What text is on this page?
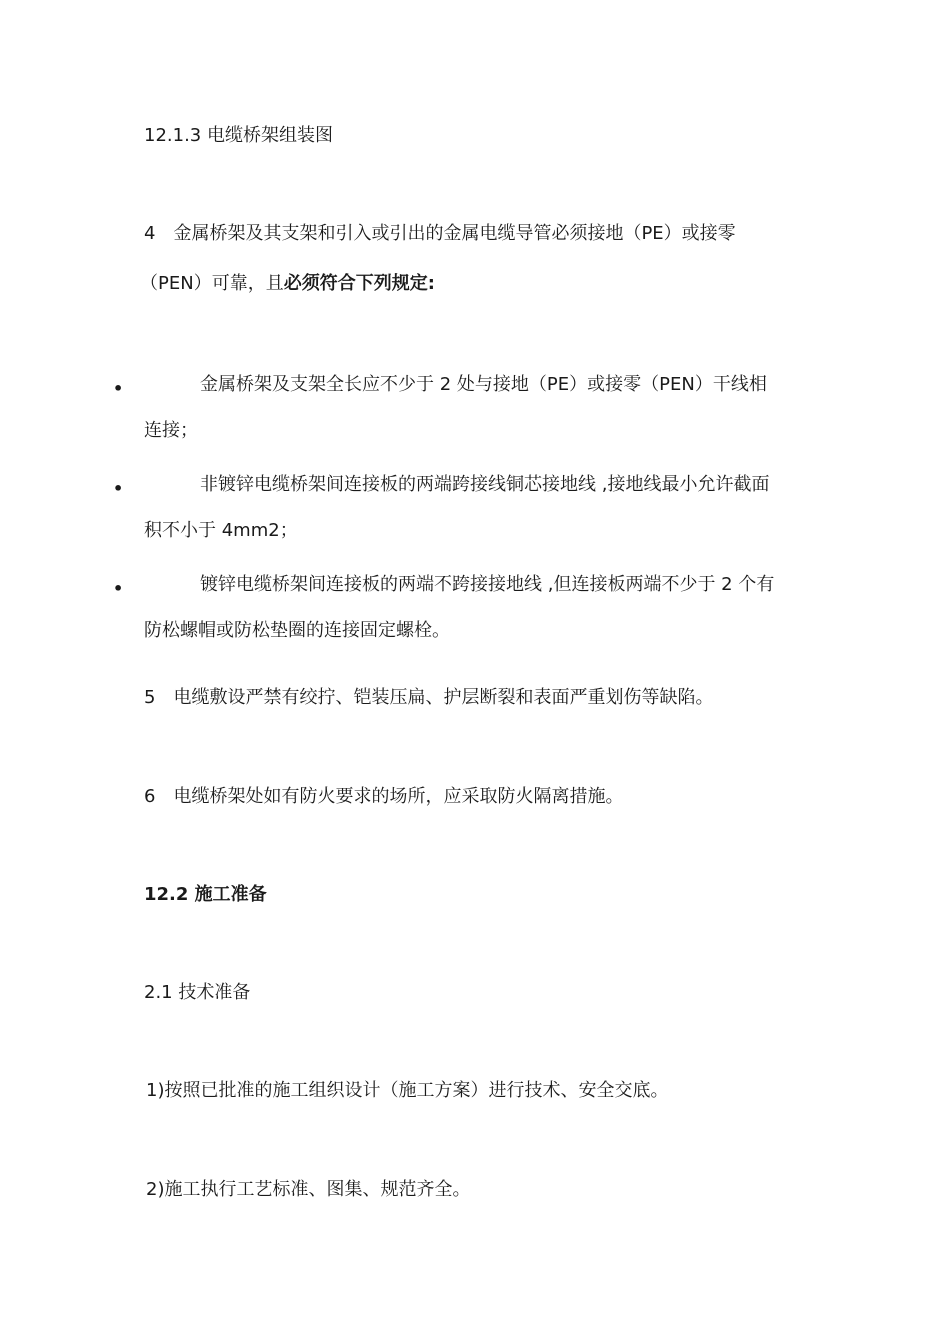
12.1.3 电缆桥架组装图
4　金属桥架及其支架和引入或引出的金属电缆导管必须接地（PE）或接零
（PEN）可靠，且必须符合下列规定:
•	金属桥架及支架全长应不少于 2 处与接地（PE）或接零（PEN）干线相
连接；
•	非镀锌电缆桥架间连接板的两端跨接线铜芯接地线 ,接地线最小允许截面
积不小于 4mm2；
•	镀锌电缆桥架间连接板的两端不跨接接地线 ,但连接板两端不少于 2 个有
防松螺帽或防松垫圈的连接固定螺栓。
5　电缆敷设严禁有绞拧、铠装压扁、护层断裂和表面严重划伤等缺陷。
6　电缆桥架处如有防火要求的场所，应采取防火隔离措施。
12.2 施工准备
2.1 技术准备
1)按照已批准的施工组织设计（施工方案）进行技术、安全交底。
2)施工执行工艺标准、图集、规范齐全。
